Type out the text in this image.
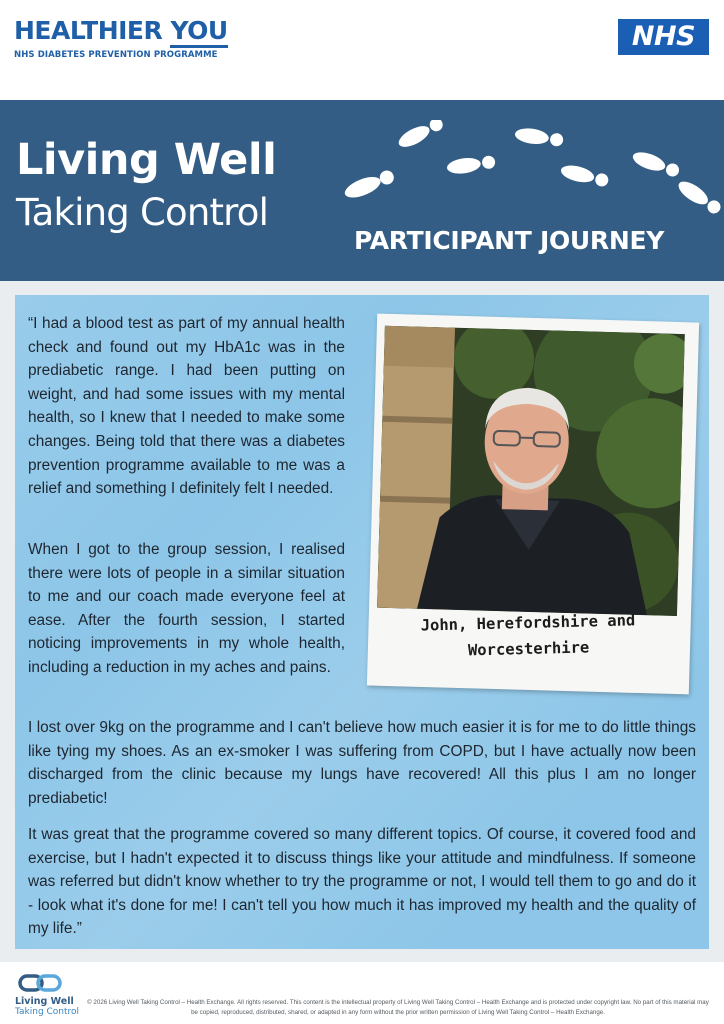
HEALTHIER YOU
NHS DIABETES PREVENTION PROGRAMME
NHS
Living Well
Taking Control
PARTICIPANT JOURNEY
“I had a blood test as part of my annual health check and found out my HbA1c was in the prediabetic range. I had been putting on weight, and had some issues with my mental health, so I knew that I needed to make some changes. Being told that there was a diabetes prevention programme available to me was a relief and something I definitely felt I needed.
When I got to the group session, I realised there were lots of people in a similar situation to me and our coach made everyone feel at ease. After the fourth session, I started noticing improvements in my whole health, including a reduction in my aches and pains.
John, Herefordshire and
Worcesterhire
I lost over 9kg on the programme and I can't believe how much easier it is for me to do little things like tying my shoes. As an ex-smoker I was suffering from COPD, but I have actually now been discharged from the clinic because my lungs have recovered! All this plus I am no longer prediabetic!
It was great that the programme covered so many different topics. Of course, it covered food and exercise, but I hadn't expected it to discuss things like your attitude and mindfulness. If someone was referred but didn't know whether to try the programme or not, I would tell them to go and do it - look what it's done for me! I can't tell you how much it has improved my health and the quality of my life.”
Living Well
Taking Control
© 2026 Living Well Taking Control – Health Exchange. All rights reserved. This content is the intellectual property of Living Well Taking Control – Health Exchange and is protected under copyright law. No part of this material may be copied, reproduced, distributed, shared, or adapted in any form without the prior written permission of Living Well Taking Control – Health Exchange.
